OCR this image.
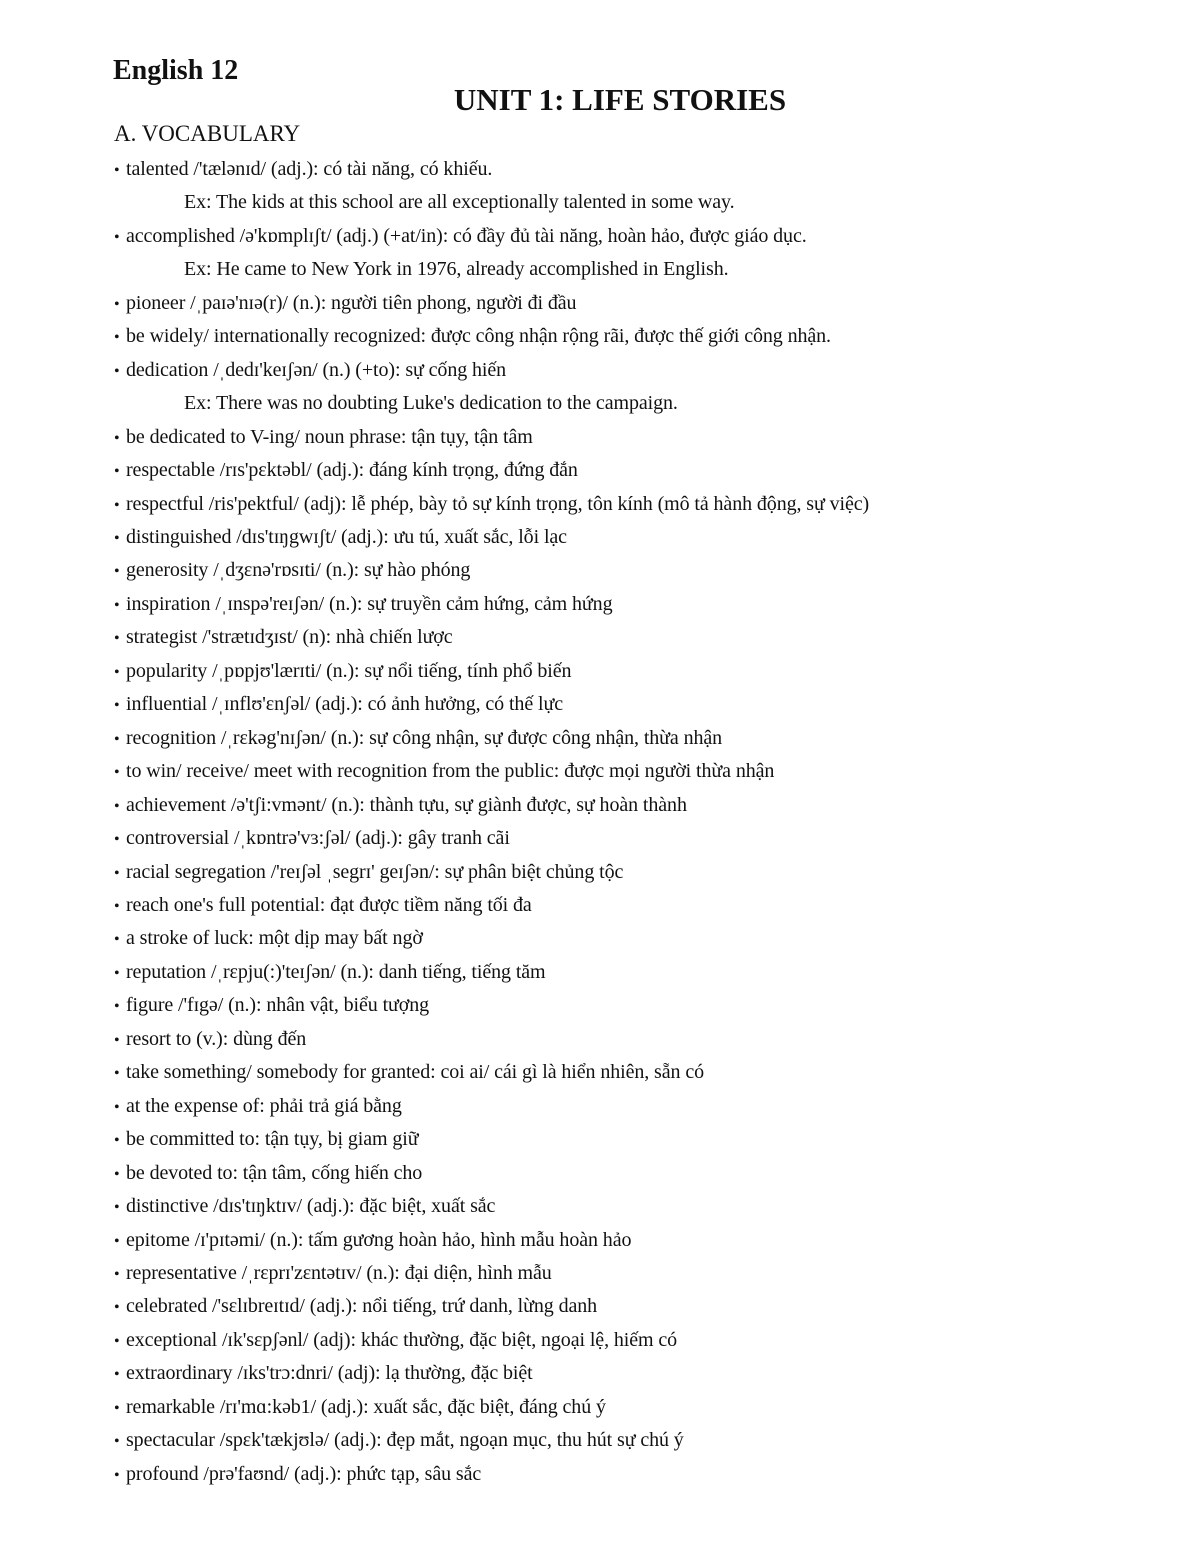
English 12
UNIT 1: LIFE STORIES
A. VOCABULARY
• talented /'tælənɪd/ (adj.): có tài năng, có khiếu.
Ex: The kids at this school are all exceptionally talented in some way.
• accomplished /ə'kɒmplɪʃt/ (adj.) (+at/in): có đầy đủ tài năng, hoàn hảo, được giáo dục.
Ex: He came to New York in 1976, already accomplished in English.
• pioneer /ˌpaɪə'nɪə(r)/ (n.): người tiên phong, người đi đầu
• be widely/ internationally recognized: được công nhận rộng rãi, được thế giới công nhận.
• dedication /ˌdedɪ'keɪʃən/ (n.) (+to): sự cống hiến
Ex: There was no doubting Luke's dedication to the campaign.
• be dedicated to V-ing/ noun phrase: tận tụy, tận tâm
• respectable /rɪs'pɛktəbl/ (adj.): đáng kính trọng, đứng đắn
• respectful /ris'pektful/ (adj): lễ phép, bày tỏ sự kính trọng, tôn kính (mô tả hành động, sự việc)
• distinguished /dɪs'tɪŋgwɪʃt/ (adj.): ưu tú, xuất sắc, lỗi lạc
• generosity /ˌdʒɛnə'rɒsɪti/ (n.): sự hào phóng
• inspiration /ˌɪnspə'reɪʃən/ (n.): sự truyền cảm hứng, cảm hứng
• strategist /'strætɪdʒɪst/ (n): nhà chiến lược
• popularity /ˌpɒpjʊ'lærɪti/ (n.): sự nổi tiếng, tính phổ biến
• influential /ˌɪnflʊ'ɛnʃəl/ (adj.): có ảnh hưởng, có thế lực
• recognition /ˌrɛkəg'nɪʃən/ (n.): sự công nhận, sự được công nhận, thừa nhận
• to win/ receive/ meet with recognition from the public: được mọi người thừa nhận
• achievement /ə'tʃi:vmənt/ (n.): thành tựu, sự giành được, sự hoàn thành
• controversial /ˌkɒntrə'vɜ:ʃəl/ (adj.): gây tranh cãi
• racial segregation /'reɪʃəl ˌsegrɪ' geɪʃən/: sự phân biệt chủng tộc
• reach one's full potential: đạt được tiềm năng tối đa
• a stroke of luck: một dịp may bất ngờ
• reputation /ˌrɛpju(:)'teɪʃən/ (n.): danh tiếng, tiếng tăm
• figure /'fɪgə/ (n.): nhân vật, biểu tượng
• resort to (v.): dùng đến
• take something/ somebody for granted: coi ai/ cái gì là hiển nhiên, sẵn có
• at the expense of: phải trả giá bằng
• be committed to: tận tụy, bị giam giữ
• be devoted to: tận tâm, cống hiến cho
• distinctive /dɪs'tɪŋktɪv/ (adj.): đặc biệt, xuất sắc
• epitome /ɪ'pɪtəmi/ (n.): tấm gương hoàn hảo, hình mẫu hoàn hảo
• representative /ˌrɛprɪ'zɛntətɪv/ (n.): đại diện, hình mẫu
• celebrated /'sɛlɪbreɪtɪd/ (adj.): nổi tiếng, trứ danh, lừng danh
• exceptional /ɪk'sɛpʃənl/ (adj): khác thường, đặc biệt, ngoại lệ, hiếm có
• extraordinary /ɪks'trɔ:dnri/ (adj): lạ thường, đặc biệt
• remarkable /rɪ'mɑ:kəb1/ (adj.): xuất sắc, đặc biệt, đáng chú ý
• spectacular /spɛk'tækjʊlə/ (adj.): đẹp mắt, ngoạn mục, thu hút sự chú ý
• profound /prə'faʊnd/ (adj.): phức tạp, sâu sắc
